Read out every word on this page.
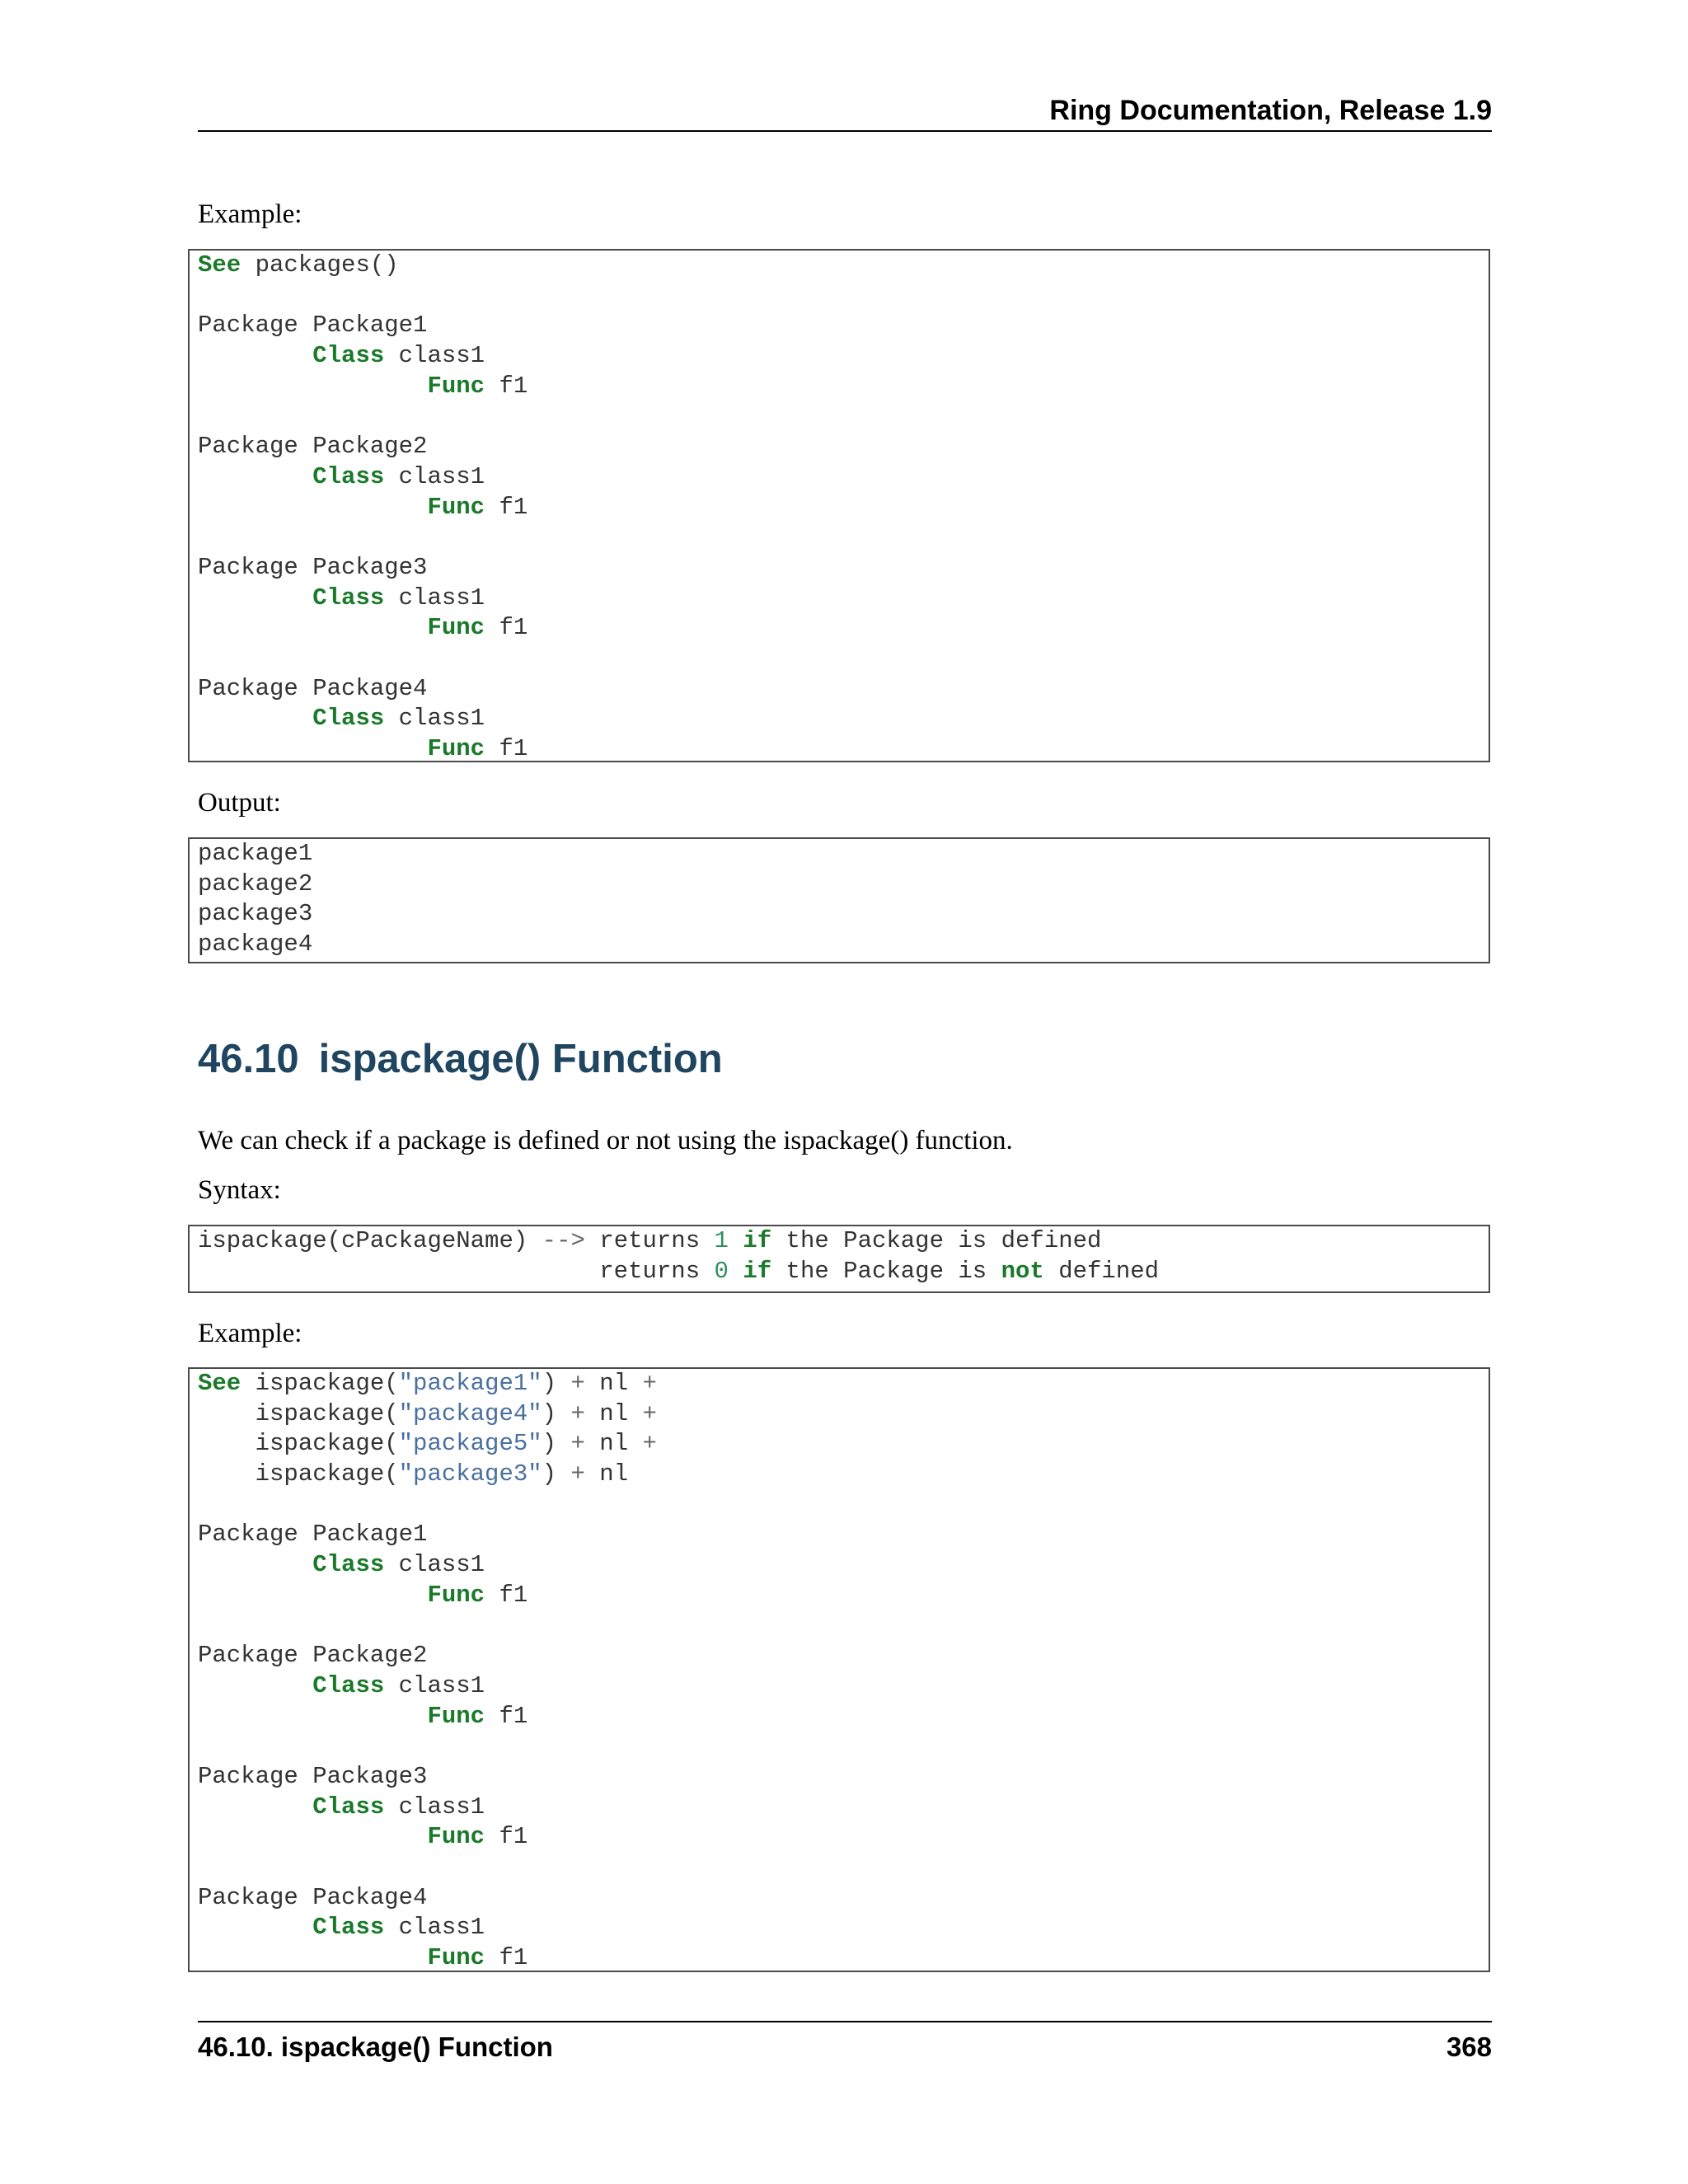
Ring Documentation, Release 1.9

Example:

See packages()

Package Package1
Class class1
Func f1

Package Package2
Class class1
Func f1

Package Package3
Class class1
Func f1

Package Package4
Class class1
Func f1

Output:

package1
package2
package3
package4
46.10 ispackage() Function

We can check if a package is defined or not using the ispackage() function.

Syntax:

ispackage(cPackageName) --> returns 1 if the Package is defined
returns 0 if the Package is not defined

Example:

See ispackage("package1") + nl +
ispackage("package4") + nl +
ispackage("package5") + nl +
ispackage("package3") + nl

Package Package1
Class class1
Func f1

Package Package2
Class class1
Func f1

Package Package3
Class class1
Func f1

Package Package4
Class class1
Func f1
46.10. ispackage() Function	368
